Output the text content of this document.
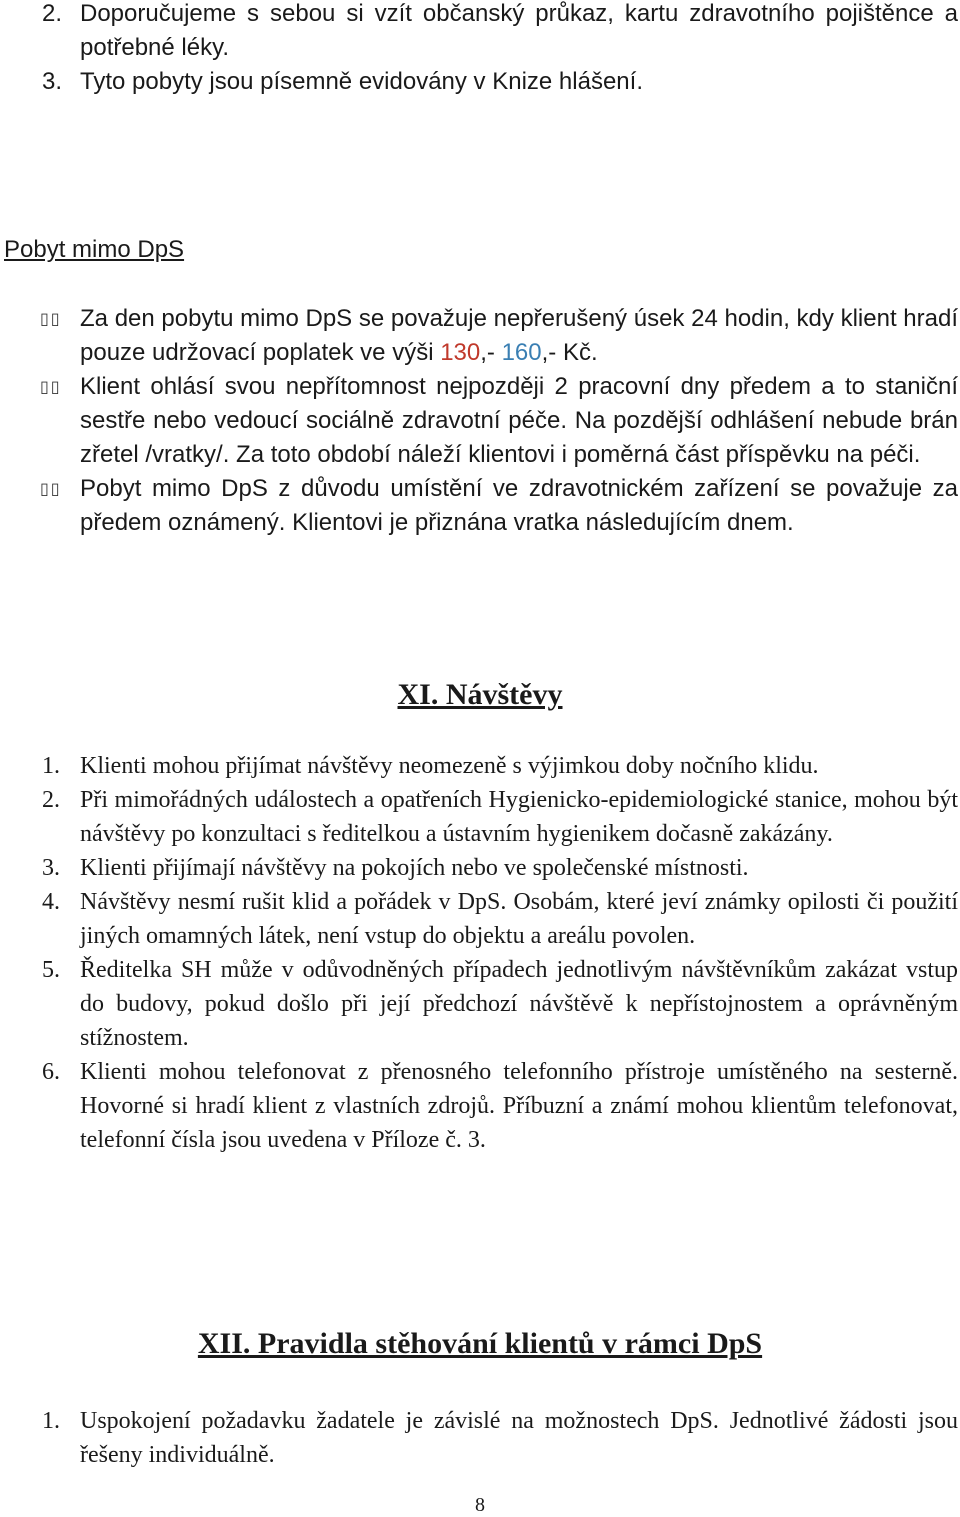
2. Doporučujeme s sebou si vzít občanský průkaz, kartu zdravotního pojištěnce a potřebné léky.
3. Tyto pobyty jsou písemně evidovány v Knize hlášení.
Pobyt mimo DpS
▯▯ Za den pobytu mimo DpS se považuje nepřerušený úsek 24 hodin, kdy klient hradí pouze udržovací poplatek ve výši 130,- 160,- Kč.
▯▯ Klient ohlásí svou nepřítomnost nejpozději 2 pracovní dny předem a to staniční sestře nebo vedoucí sociálně zdravotní péče. Na pozdější odhlášení nebude brán zřetel /vratky/. Za toto období náleží klientovi i poměrná část příspěvku na péči.
▯▯ Pobyt mimo DpS z důvodu umístění ve zdravotnickém zařízení se považuje za předem oznámený. Klientovi je přiznána vratka následujícím dnem.
XI. Návštěvy
1. Klienti mohou přijímat návštěvy neomezeně s výjimkou doby nočního klidu.
2. Při mimořádných událostech a opatřeních Hygienicko-epidemiologické stanice, mohou být návštěvy po konzultaci s ředitelkou a ústavním hygienikem dočasně zakázány.
3. Klienti přijímají návštěvy na pokojích nebo ve společenské místnosti.
4. Návštěvy nesmí rušit klid a pořádek v DpS. Osobám, které jeví známky opilosti či použití jiných omamných látek, není vstup do objektu a areálu povolen.
5. Ředitelka SH může v odůvodněných případech jednotlivým návštěvníkům zakázat vstup do budovy, pokud došlo při její předchozí návštěvě k nepřístojnostem a oprávněným stížnostem.
6. Klienti mohou telefonovat z přenosného telefonního přístroje umístěného na sesterně. Hovorné si hradí klient z vlastních zdrojů. Příbuzní a známí mohou klientům telefonovat, telefonní čísla jsou uvedena v Příloze č. 3.
XII. Pravidla stěhování klientů v rámci DpS
1. Uspokojení požadavku žadatele je závislé na možnostech DpS. Jednotlivé žádosti jsou řešeny individuálně.
8
